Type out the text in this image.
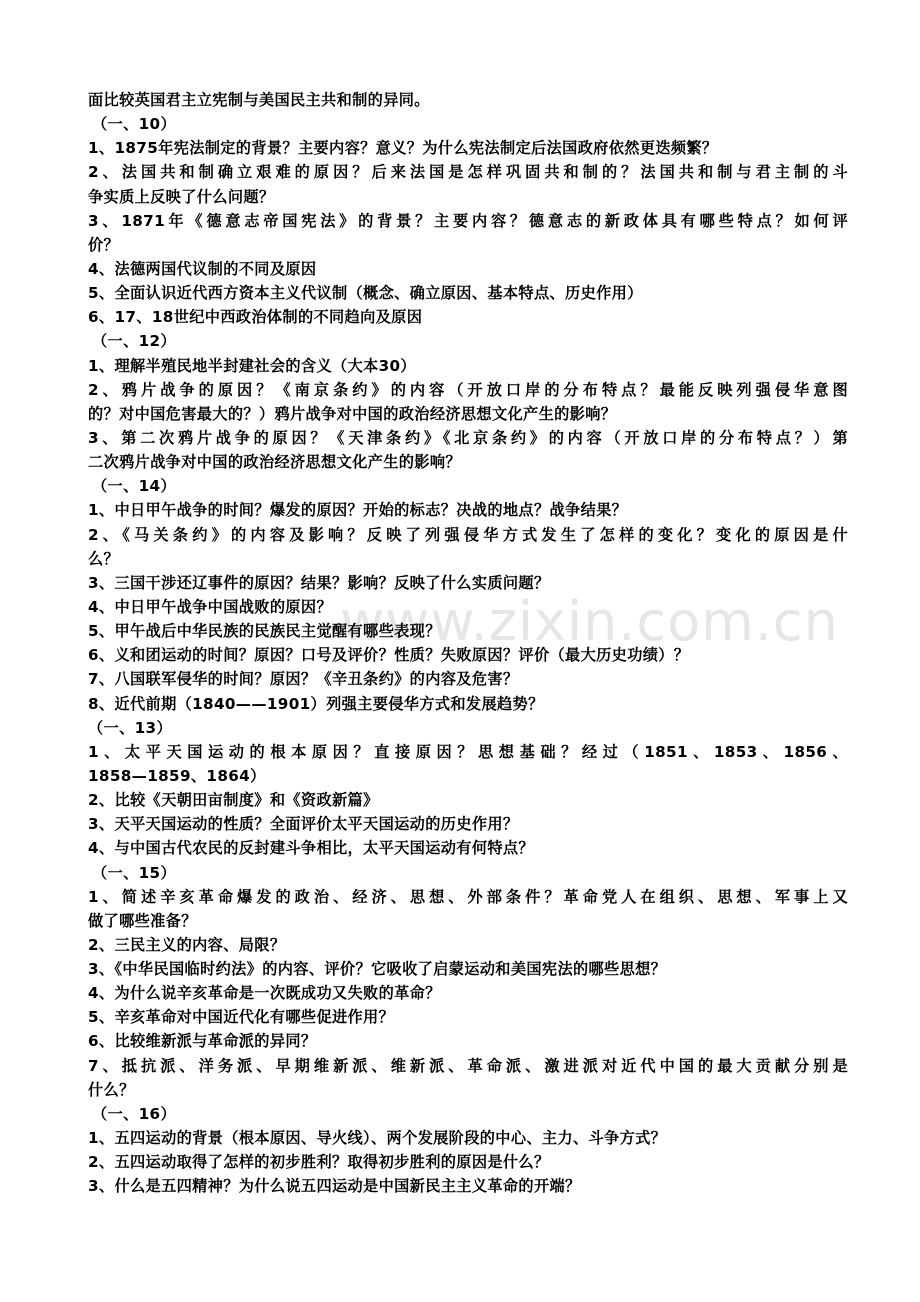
www.zixin.com.cn
面比较英国君主立宪制与美国民主共和制的异同。
（一、10）
1、1875年宪法制定的背景？主要内容？意义？为什么宪法制定后法国政府依然更迭频繁？
2、法国共和制确立艰难的原因？后来法国是怎样巩固共和制的？法国共和制与君主制的斗
争实质上反映了什么问题？
3、1871年《德意志帝国宪法》的背景？主要内容？德意志的新政体具有哪些特点？如何评
价？
4、法德两国代议制的不同及原因
5、全面认识近代西方资本主义代议制（概念、确立原因、基本特点、历史作用）
6、17、18世纪中西政治体制的不同趋向及原因
（一、12）
1、理解半殖民地半封建社会的含义（大本30）
2、鸦片战争的原因？《南京条约》的内容（开放口岸的分布特点？最能反映列强侵华意图
的？对中国危害最大的？）鸦片战争对中国的政治经济思想文化产生的影响？
3、第二次鸦片战争的原因？《天津条约》《北京条约》的内容（开放口岸的分布特点？）第
二次鸦片战争对中国的政治经济思想文化产生的影响？
（一、14）
1、中日甲午战争的时间？爆发的原因？开始的标志？决战的地点？战争结果？
2、《马关条约》的内容及影响？反映了列强侵华方式发生了怎样的变化？变化的原因是什
么？
3、三国干涉还辽事件的原因？结果？影响？反映了什么实质问题？
4、中日甲午战争中国战败的原因？
5、甲午战后中华民族的民族民主觉醒有哪些表现？
6、义和团运动的时间？原因？口号及评价？性质？失败原因？评价（最大历史功绩）？
7、八国联军侵华的时间？原因？《辛丑条约》的内容及危害？
8、近代前期（1840——1901）列强主要侵华方式和发展趋势？
（一、13）
1、太平天国运动的根本原因？直接原因？思想基础？经过（1851、1853、1856、
1858—1859、1864）
2、比较《天朝田亩制度》和《资政新篇》
3、天平天国运动的性质？全面评价太平天国运动的历史作用？
4、与中国古代农民的反封建斗争相比，太平天国运动有何特点？
（一、15）
1、简述辛亥革命爆发的政治、经济、思想、外部条件？革命党人在组织、思想、军事上又
做了哪些准备？
2、三民主义的内容、局限？
3、《中华民国临时约法》的内容、评价？它吸收了启蒙运动和美国宪法的哪些思想？
4、为什么说辛亥革命是一次既成功又失败的革命？
5、辛亥革命对中国近代化有哪些促进作用？
6、比较维新派与革命派的异同？
7、抵抗派、洋务派、早期维新派、维新派、革命派、激进派对近代中国的最大贡献分别是
什么？
（一、16）
1、五四运动的背景（根本原因、导火线）、两个发展阶段的中心、主力、斗争方式？
2、五四运动取得了怎样的初步胜利？取得初步胜利的原因是什么？
3、什么是五四精神？为什么说五四运动是中国新民主主义革命的开端？
